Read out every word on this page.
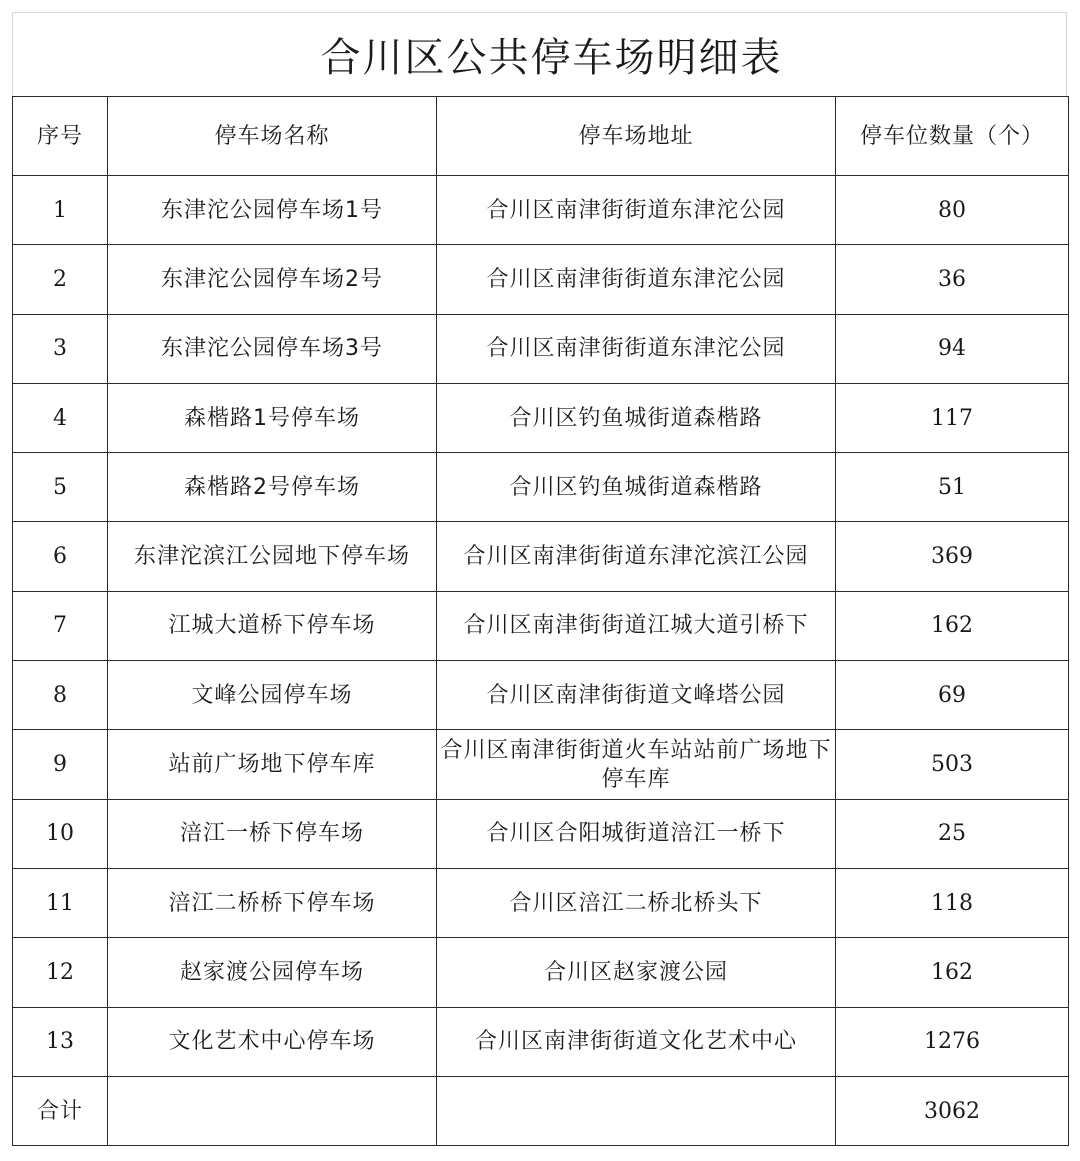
合川区公共停车场明细表
序号	停车场名称	停车场地址	停车位数量（个）
1	东津沱公园停车场1号	合川区南津街街道东津沱公园	80
2	东津沱公园停车场2号	合川区南津街街道东津沱公园	36
3	东津沱公园停车场3号	合川区南津街街道东津沱公园	94
4	森楷路1号停车场	合川区钓鱼城街道森楷路	117
5	森楷路2号停车场	合川区钓鱼城街道森楷路	51
6	东津沱滨江公园地下停车场	合川区南津街街道东津沱滨江公园	369
7	江城大道桥下停车场	合川区南津街街道江城大道引桥下	162
8	文峰公园停车场	合川区南津街街道文峰塔公园	69
9	站前广场地下停车库	合川区南津街街道火车站站前广场地下停车库	503
10	涪江一桥下停车场	合川区合阳城街道涪江一桥下	25
11	涪江二桥桥下停车场	合川区涪江二桥北桥头下	118
12	赵家渡公园停车场	合川区赵家渡公园	162
13	文化艺术中心停车场	合川区南津街街道文化艺术中心	1276
合计			3062
